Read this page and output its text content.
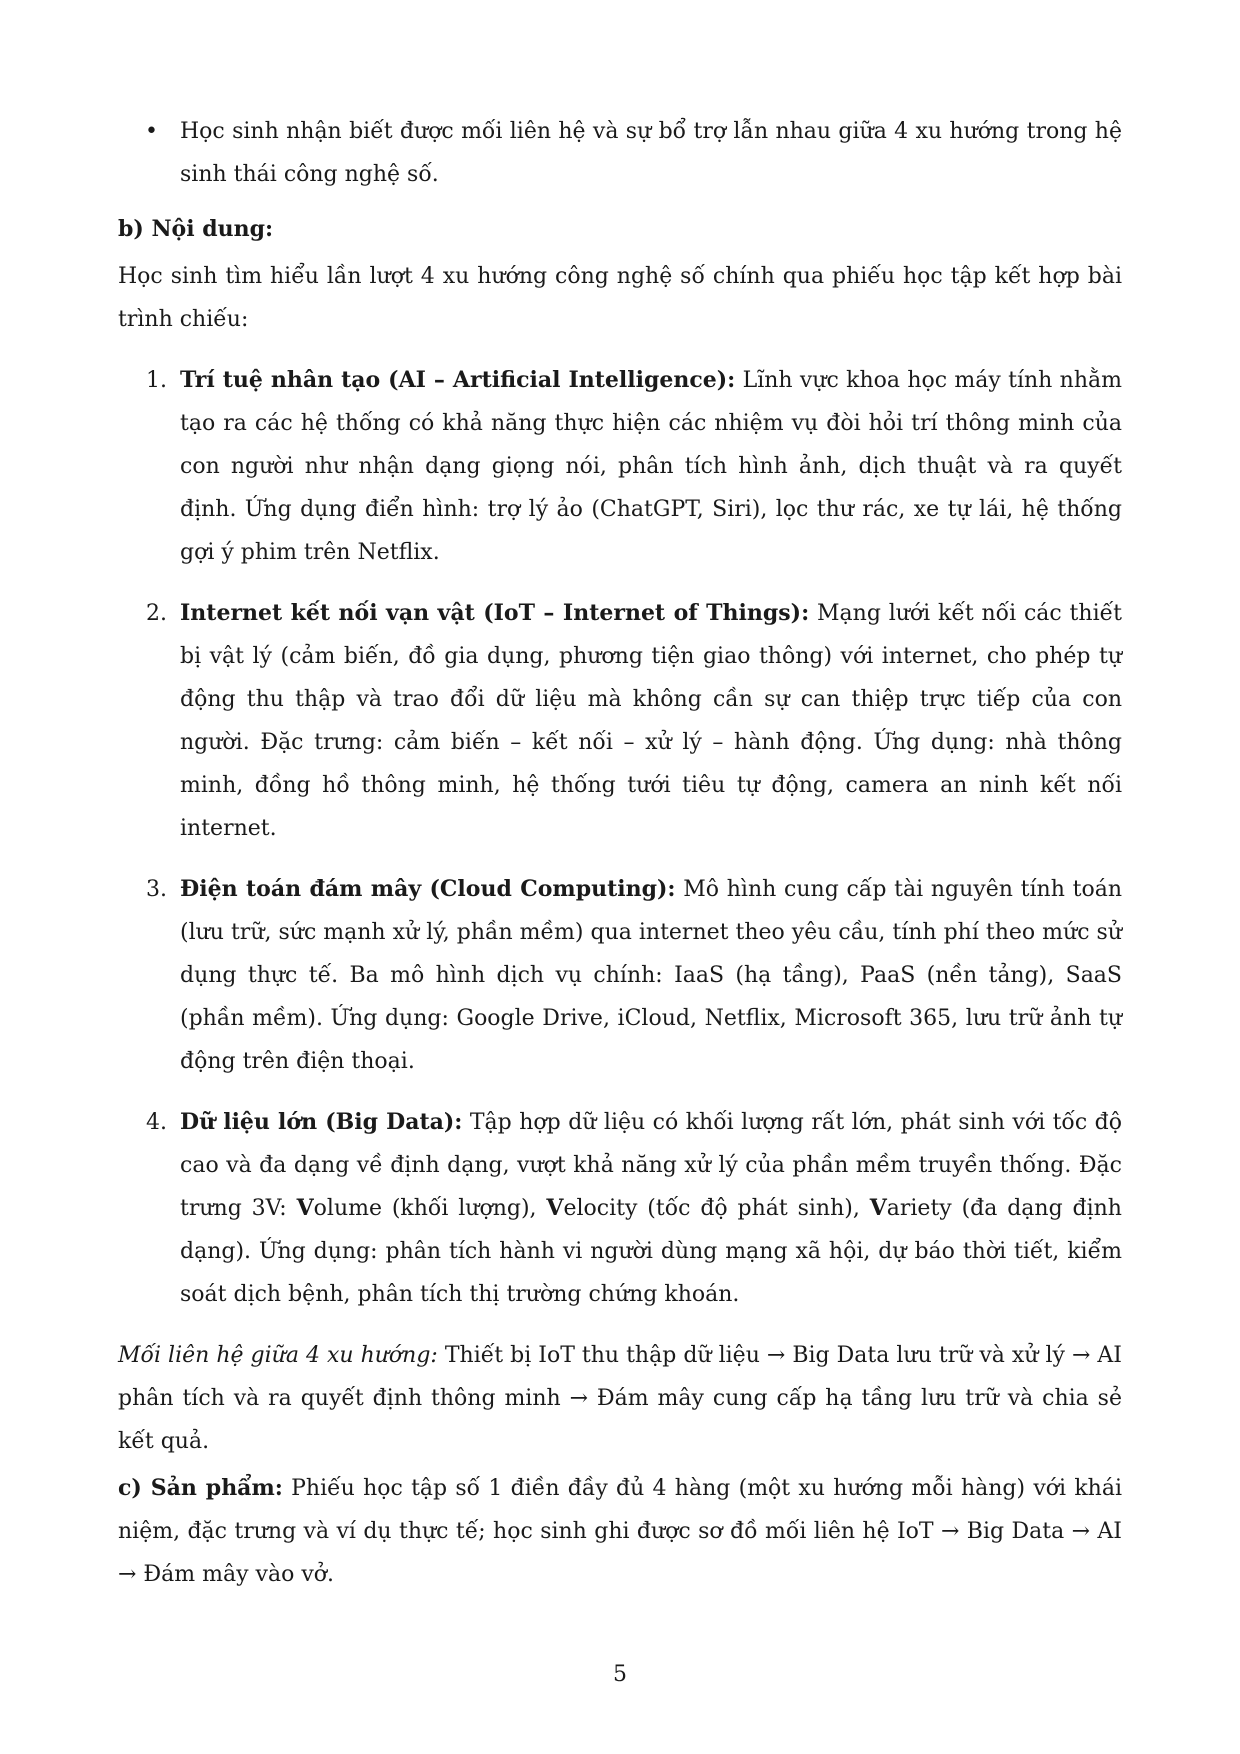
•	Học sinh nhận biết được mối liên hệ và sự bổ trợ lẫn nhau giữa 4 xu hướng trong hệ sinh thái công nghệ số.

b) Nội dung:

Học sinh tìm hiểu lần lượt 4 xu hướng công nghệ số chính qua phiếu học tập kết hợp bài trình chiếu:

1. Trí tuệ nhân tạo (AI – Artificial Intelligence): Lĩnh vực khoa học máy tính nhằm tạo ra các hệ thống có khả năng thực hiện các nhiệm vụ đòi hỏi trí thông minh của con người như nhận dạng giọng nói, phân tích hình ảnh, dịch thuật và ra quyết định. Ứng dụng điển hình: trợ lý ảo (ChatGPT, Siri), lọc thư rác, xe tự lái, hệ thống gợi ý phim trên Netflix.
2. Internet kết nối vạn vật (IoT – Internet of Things): Mạng lưới kết nối các thiết bị vật lý (cảm biến, đồ gia dụng, phương tiện giao thông) với internet, cho phép tự động thu thập và trao đổi dữ liệu mà không cần sự can thiệp trực tiếp của con người. Đặc trưng: cảm biến – kết nối – xử lý – hành động. Ứng dụng: nhà thông minh, đồng hồ thông minh, hệ thống tưới tiêu tự động, camera an ninh kết nối internet.
3. Điện toán đám mây (Cloud Computing): Mô hình cung cấp tài nguyên tính toán (lưu trữ, sức mạnh xử lý, phần mềm) qua internet theo yêu cầu, tính phí theo mức sử dụng thực tế. Ba mô hình dịch vụ chính: IaaS (hạ tầng), PaaS (nền tảng), SaaS (phần mềm). Ứng dụng: Google Drive, iCloud, Netflix, Microsoft 365, lưu trữ ảnh tự động trên điện thoại.
4. Dữ liệu lớn (Big Data): Tập hợp dữ liệu có khối lượng rất lớn, phát sinh với tốc độ cao và đa dạng về định dạng, vượt khả năng xử lý của phần mềm truyền thống. Đặc trưng 3V: Volume (khối lượng), Velocity (tốc độ phát sinh), Variety (đa dạng định dạng). Ứng dụng: phân tích hành vi người dùng mạng xã hội, dự báo thời tiết, kiểm soát dịch bệnh, phân tích thị trường chứng khoán.

Mối liên hệ giữa 4 xu hướng: Thiết bị IoT thu thập dữ liệu → Big Data lưu trữ và xử lý → AI phân tích và ra quyết định thông minh → Đám mây cung cấp hạ tầng lưu trữ và chia sẻ kết quả.

c) Sản phẩm: Phiếu học tập số 1 điền đầy đủ 4 hàng (một xu hướng mỗi hàng) với khái niệm, đặc trưng và ví dụ thực tế; học sinh ghi được sơ đồ mối liên hệ IoT → Big Data → AI → Đám mây vào vở.

5
